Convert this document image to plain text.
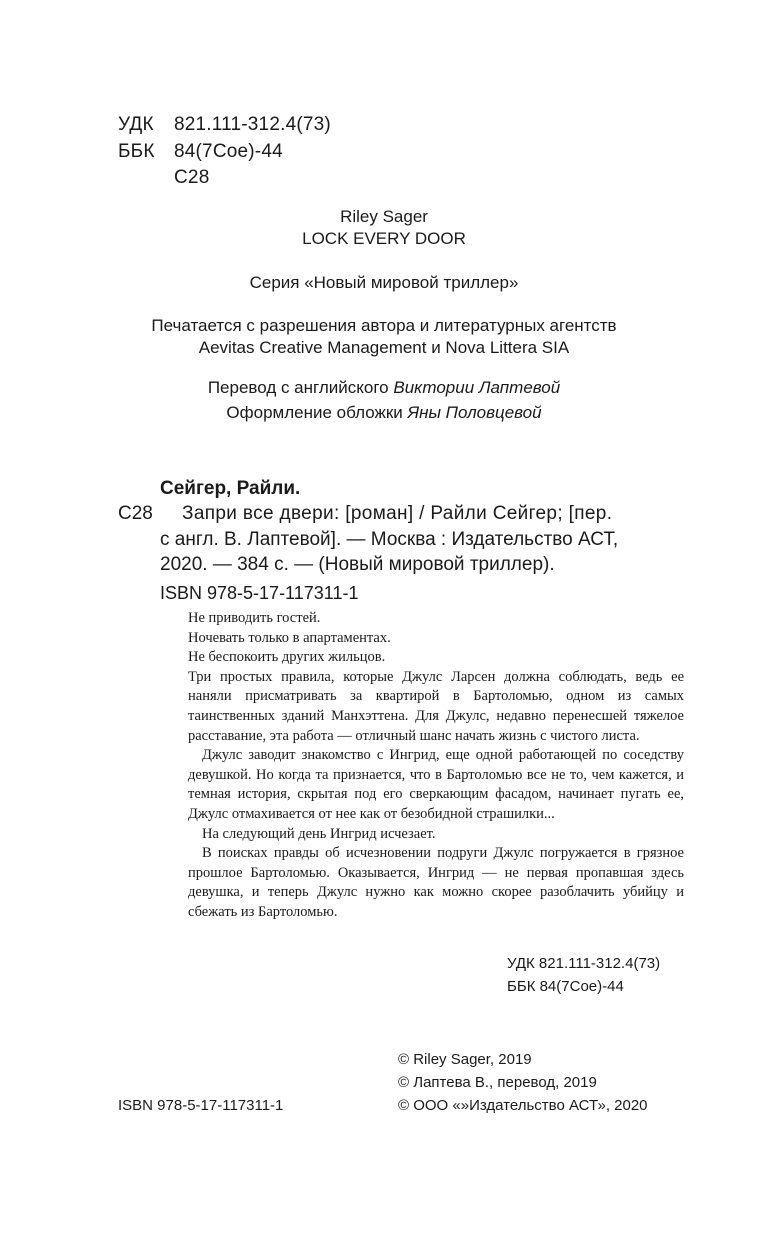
УДК 821.111-312.4(73)
ББК 84(7Сое)-44
С28
Riley Sager
LOCK EVERY DOOR
Серия «Новый мировой триллер»
Печатается с разрешения автора и литературных агентств
Aevitas Creative Management и Nova Littera SIA
Перевод с английского Виктории Лаптевой
Оформление обложки Яны Половцевой
Сейгер, Райли.
С28 Запри все двери: [роман] / Райли Сейгер; [пер.
с англ. В. Лаптевой]. — Москва : Издательство АСТ,
2020. — 384 с. — (Новый мировой триллер).
ISBN 978-5-17-117311-1

Не приводить гостей.

Ночевать только в апартаментах.

Не беспокоить других жильцов.

Три простых правила, которые Джулс Ларсен должна соблюдать, ведь ее наняли присматривать за квартирой в Бартоломью, одном из самых таинственных зданий Манхэттена. Для Джулс, недавно перенесшей тяжелое расставание, эта работа — отличный шанс начать жизнь с чистого листа.

Джулс заводит знакомство с Ингрид, еще одной работающей по соседству девушкой. Но когда та признается, что в Бартоломью все не то, чем кажется, и темная история, скрытая под его сверкающим фасадом, начинает пугать ее, Джулс отмахивается от нее как от безобидной страшилки...

На следующий день Ингрид исчезает.

В поисках правды об исчезновении подруги Джулс погружается в грязное прошлое Бартоломью. Оказывается, Ингрид — не первая пропавшая здесь девушка, и теперь Джулс нужно как можно скорее разоблачить убийцу и сбежать из Бартоломью.

УДК 821.111-312.4(73)
ББК 84(7Сое)-44
© Riley Sager, 2019
© Лаптева В., перевод, 2019
ISBN 978-5-17-117311-1	© ООО «»Издательство АСТ», 2020
